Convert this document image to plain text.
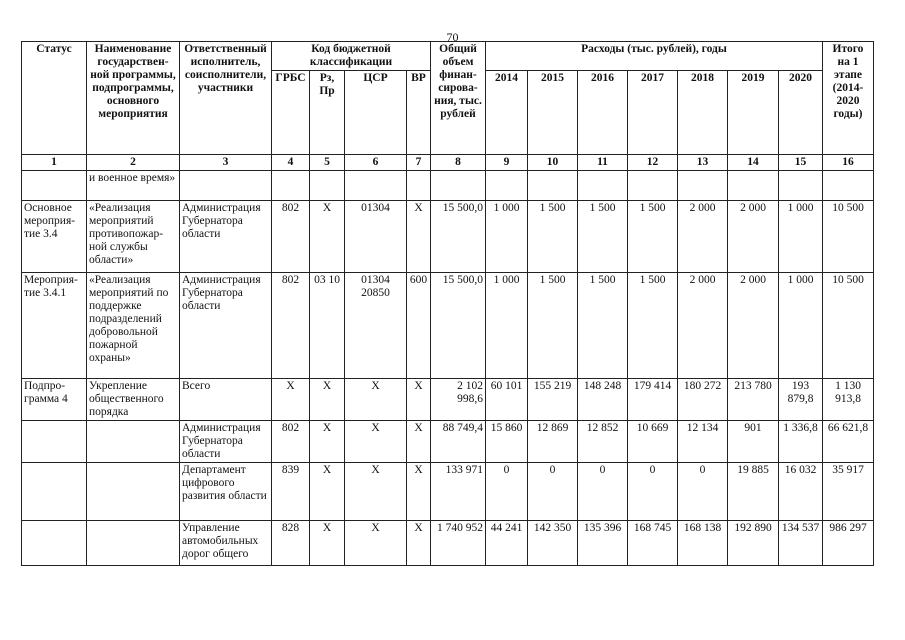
70
Статус	Наименование государствен-ной программы, подпрограммы, основного мероприятия	Ответственный исполнитель, соисполнители, участники	Код бюджетной классификации				Общий объем финан-сирова-ния, тыс. рублей	Расходы (тыс. рублей), годы							Итого на 1 этапе (2014-2020 годы)
			ГРБС	Рз, Пр	ЦСР	ВР		2014	2015	2016	2017	2018	2019	2020	
1	2	3	4	5	6	7	8	9	10	11	12	13	14	15	16
	и военное время»														
Основное мероприя-тие 3.4	«Реализация мероприятий противопожар-ной службы области»	Администрация Губернатора области	802	Х	01304	Х	15 500,0	1 000	1 500	1 500	1 500	2 000	2 000	1 000	10 500
Мероприя-тие 3.4.1	«Реализация мероприятий по поддержке подразделений добровольной пожарной охраны»	Администрация Губернатора области	802	03 10	01304 20850	600	15 500,0	1 000	1 500	1 500	1 500	2 000	2 000	1 000	10 500
Подпро-грамма 4	Укрепление общественного порядка	Всего	Х	Х	Х	Х	2 102 998,6	60 101	155 219	148 248	179 414	180 272	213 780	193 879,8	1 130 913,8
		Администрация Губернатора области	802	Х	Х	Х	88 749,4	15 860	12 869	12 852	10 669	12 134	901	1 336,8	66 621,8
		Департамент цифрового развития области	839	Х	Х	Х	133 971	0	0	0	0	0	19 885	16 032	35 917
		Управление автомобильных дорог общего	828	Х	Х	Х	1 740 952	44 241	142 350	135 396	168 745	168 138	192 890	134 537	986 297
